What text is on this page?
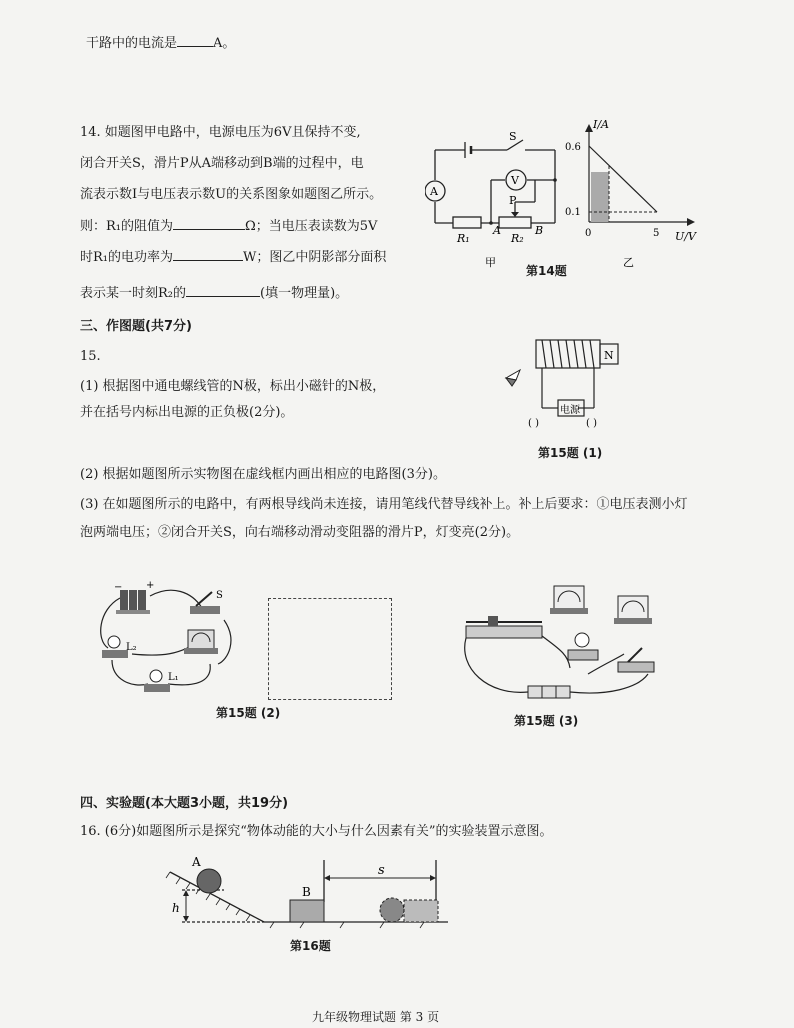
干路中的电流是	A。
14. 如题图甲电路中，电源电压为6V且保持不变,
闭合开关S，滑片P从A端移动到B端的过程中，电
流表示数I与电压表示数U的关系图象如题图乙所示。
则：R₁的阻值为	Ω；当电压表读数为5V
时R₁的电功率为	W；图乙中阴影部分面积
表示某一时刻R₂的	(填一物理量)。
S
A
V
P
R₁
A
R₂
B
甲
I/A
0.6
0.1
0	5 U/V
乙
第14题
三、作图题(共7分)
15.
(1) 根据图中通电螺线管的N极，标出小磁针的N极，
并在括号内标出电源的正负极(2分)。
N
电源
( )	( )
第15题 (1)
(2) 根据如题图所示实物图在虚线框内画出相应的电路图(3分)。
(3) 在如题图所示的电路中，有两根导线尚未连接，请用笔线代替导线补上。补上后要求：①电压表测小灯
泡两端电压；②闭合开关S，向右端移动滑动变阻器的滑片P，灯变亮(2分)。
− +
S
L₂
L₁
第15题 (2)
第15题 (3)
四、实验题(本大题3小题，共19分)
16. (6分)如题图所示是探究“物体动能的大小与什么因素有关”的实验装置示意图。
A
h
B
s
第16题
九年级物理试题 第 3 页
